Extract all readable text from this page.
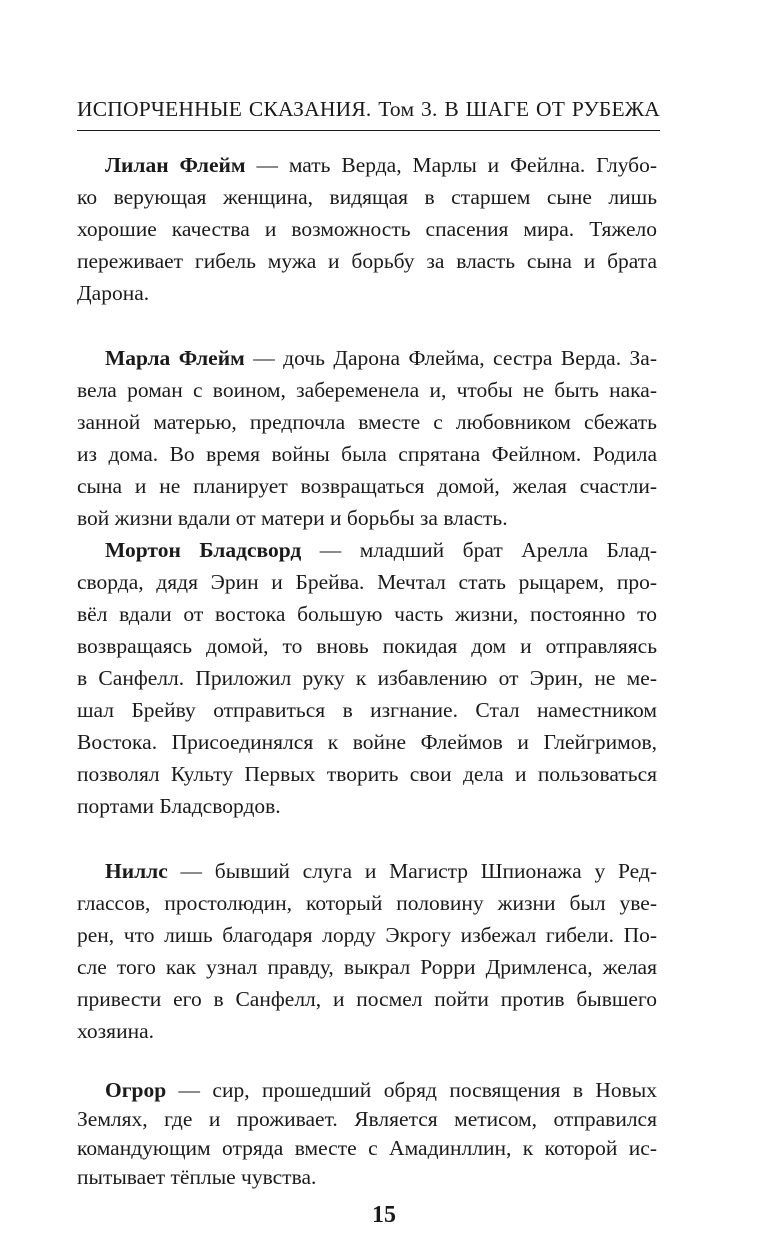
ИСПОРЧЕННЫЕ СКАЗАНИЯ. Том 3. В ШАГЕ ОТ РУБЕЖА
Лилан Флейм — мать Верда, Марлы и Фейлна. Глубо-
ко верующая женщина, видящая в старшем сыне лишь
хорошие качества и возможность спасения мира. Тяжело
переживает гибель мужа и борьбу за власть сына и брата
Дарона.
Марла Флейм — дочь Дарона Флейма, сестра Верда. За-
вела роман с воином, забеременела и, чтобы не быть нака-
занной матерью, предпочла вместе с любовником сбежать
из дома. Во время войны была спрятана Фейлном. Родила
сына и не планирует возвращаться домой, желая счастли-
вой жизни вдали от матери и борьбы за власть.
Мортон Бладсворд — младший брат Арелла Блад-
сворда, дядя Эрин и Брейва. Мечтал стать рыцарем, про-
вёл вдали от востока большую часть жизни, постоянно то
возвращаясь домой, то вновь покидая дом и отправляясь
в Санфелл. Приложил руку к избавлению от Эрин, не ме-
шал Брейву отправиться в изгнание. Стал наместником
Востока. Присоединялся к войне Флеймов и Глейгримов,
позволял Культу Первых творить свои дела и пользоваться
портами Бладсвордов.
Ниллс — бывший слуга и Магистр Шпионажа у Ред-
глассов, простолюдин, который половину жизни был уве-
рен, что лишь благодаря лорду Экрогу избежал гибели. По-
сле того как узнал правду, выкрал Рорри Дримленса, желая
привести его в Санфелл, и посмел пойти против бывшего
хозяина.
Огрор — сир, прошедший обряд посвящения в Новых
Землях, где и проживает. Является метисом, отправился
командующим отряда вместе с Амадинллин, к которой ис-
пытывает тёплые чувства.
15
